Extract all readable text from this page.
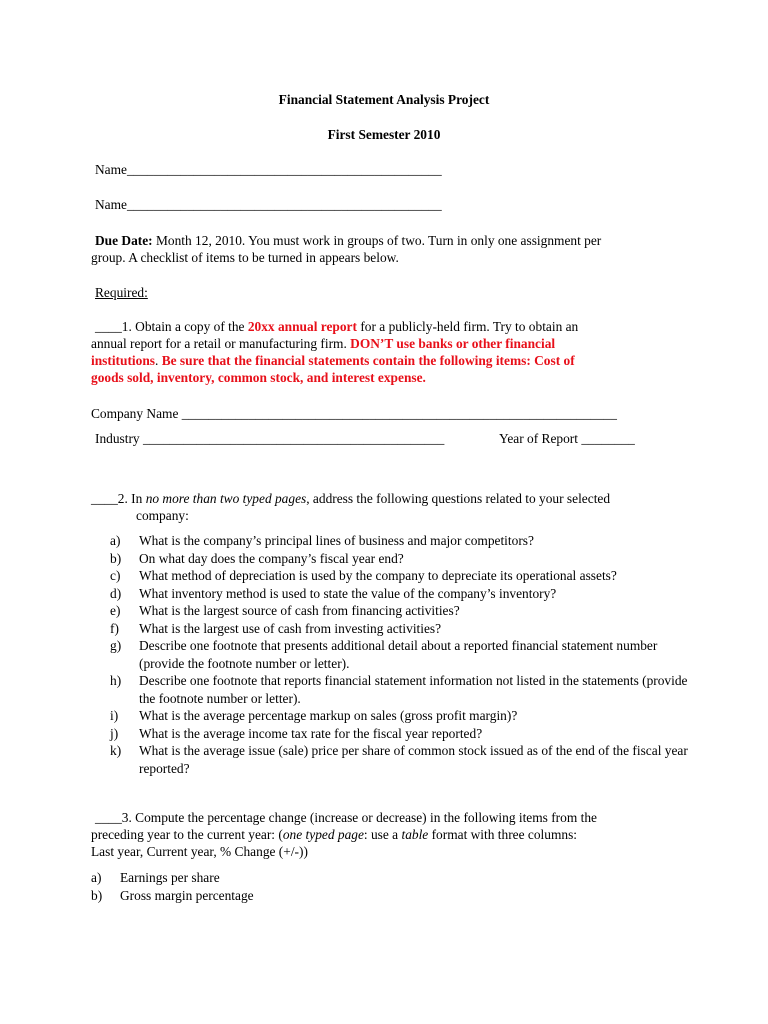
Financial Statement Analysis Project
First Semester 2010
Name_______________________________________________
Name_______________________________________________
Due Date: Month 12, 2010. You must work in groups of two. Turn in only one assignment per
group. A checklist of items to be turned in appears below.
Required:
____1. Obtain a copy of the 20xx annual report for a publicly-held firm. Try to obtain an
annual report for a retail or manufacturing firm. DON’T use banks or other financial
institutions. Be sure that the financial statements contain the following items: Cost of
goods sold, inventory, common stock, and interest expense.
Company Name _________________________________________________________________
Industry _____________________________________________	Year of Report ________
____2. In no more than two typed pages, address the following questions related to your selected
company:
a) What is the company’s principal lines of business and major competitors?
b) On what day does the company’s fiscal year end?
c) What method of depreciation is used by the company to depreciate its operational assets?
d) What inventory method is used to state the value of the company’s inventory?
e) What is the largest source of cash from financing activities?
f) What is the largest use of cash from investing activities?
g) Describe one footnote that presents additional detail about a reported financial statement number (provide the footnote number or letter).
h) Describe one footnote that reports financial statement information not listed in the statements (provide the footnote number or letter).
i) What is the average percentage markup on sales (gross profit margin)?
j) What is the average income tax rate for the fiscal year reported?
k) What is the average issue (sale) price per share of common stock issued as of the end of the fiscal year reported?
____3. Compute the percentage change (increase or decrease) in the following items from the
preceding year to the current year: (one typed page: use a table format with three columns:
Last year, Current year, % Change (+/-))
a) Earnings per share
b) Gross margin percentage
